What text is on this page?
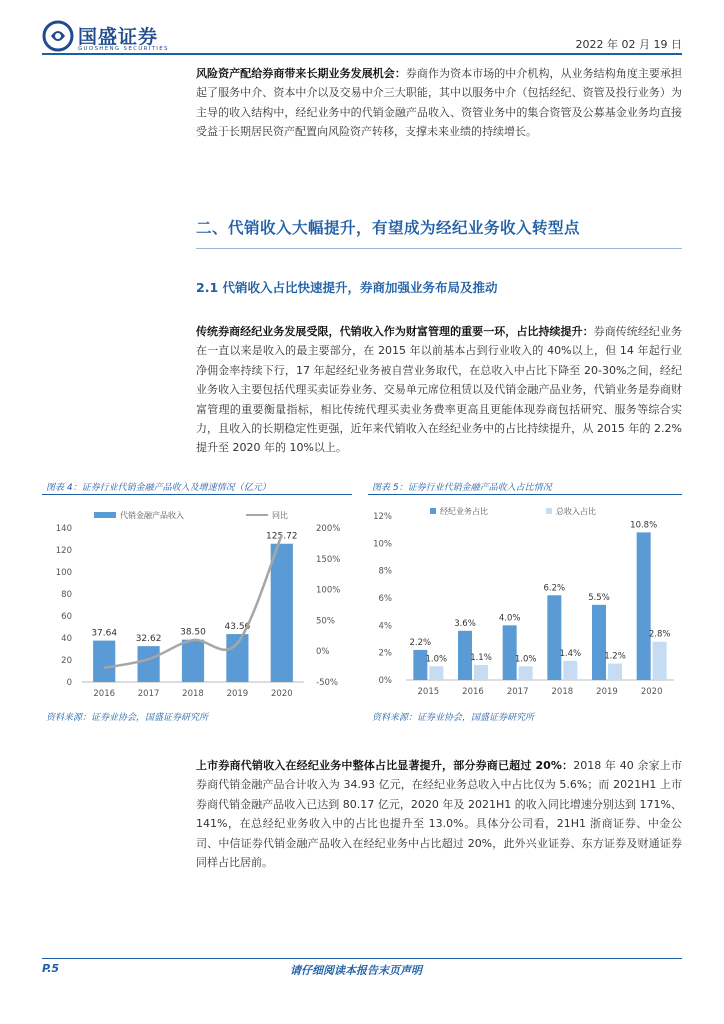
国盛证券
GUOSHENG SECURITIES	2022 年 02 月 19 日

风险资产配给券商带来长期业务发展机会：券商作为资本市场的中介机构，从业务结构角度主要承担起了服务中介、资本中介以及交易中介三大职能，其中以服务中介（包括经纪、资管及投行业务）为主导的收入结构中，经纪业务中的代销金融产品收入、资管业务中的集合资管及公募基金业务均直接受益于长期居民资产配置向风险资产转移，支撑未来业绩的持续增长。

二、代销收入大幅提升，有望成为经纪业务收入转型点
2.1 代销收入占比快速提升，券商加强业务布局及推动

传统券商经纪业务发展受限，代销收入作为财富管理的重要一环，占比持续提升：券商传统经纪业务在一直以来是收入的最主要部分，在 2015 年以前基本占到行业收入的 40%以上，但 14 年起行业净佣金率持续下行，17 年起经纪业务被自营业务取代，在总收入中占比下降至 20-30%之间，经纪业务收入主要包括代理买卖证券业务、交易单元席位租赁以及代销金融产品业务，代销业务是券商财富管理的重要衡量指标，相比传统代理买卖业务费率更高且更能体现券商包括研究、服务等综合实力，且收入的长期稳定性更强，近年来代销收入在经纪业务中的占比持续提升，从 2015 年的 2.2%提升至 2020 年的 10%以上。

图表 4：证券行业代销金融产品收入及增速情况（亿元）
代销金融产品收入	同比
0
20
40
60
80
100
120
140
-50%
0%
50%
100%
150%
200%
37.64
2016
32.62
2017
38.50
2018
43.56
2019
125.72
2020
资料来源：证券业协会，国盛证券研究所
图表 5：证券行业代销金融产品收入占比情况
经纪业务占比	总收入占比
0%
2%
4%
6%
8%
10%
12%
2.2%
1.0%
2015
3.6%
1.1%
2016
4.0%
1.0%
2017
6.2%
1.4%
2018
5.5%
1.2%
2019
10.8%
2.8%
2020
资料来源：证券业协会，国盛证券研究所

上市券商代销收入在经纪业务中整体占比显著提升，部分券商已超过 20%：2018 年 40 余家上市券商代销金融产品合计收入为 34.93 亿元，在经纪业务总收入中占比仅为 5.6%；而 2021H1 上市券商代销金融产品收入已达到 80.17 亿元，2020 年及 2021H1 的收入同比增速分别达到 171%、141%，在总经纪业务收入中的占比也提升至 13.0%。具体分公司看，21H1 浙商证券、中金公司、中信证券代销金融产品收入在经纪业务中占比超过 20%，此外兴业证券、东方证券及财通证券同样占比居前。

P.5	请仔细阅读本报告末页声明
